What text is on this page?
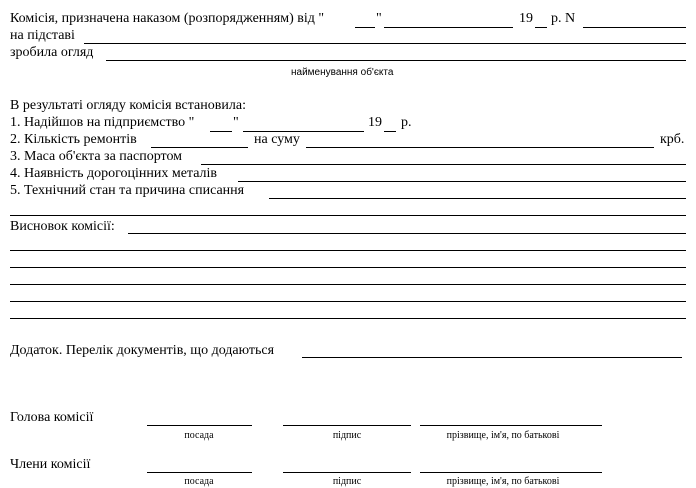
Комісія, призначена наказом (розпорядженням) від "	"	19 р. N
на підставі
зробила огляд
найменування об'єкта
В результаті огляду комісія встановила:
1. Надійшов на підприємство "	"	19 р.
2. Кількість ремонтів	на суму	крб.
3. Маса об'єкта за паспортом
4. Наявність дорогоцінних металів
5. Технічний стан та причина списання
Висновок комісії:
Додаток. Перелік документів, що додаються
Голова комісії
посада	підпис	прізвище, ім'я, по батькові
Члени комісії
посада	підпис	прізвище, ім'я, по батькові
